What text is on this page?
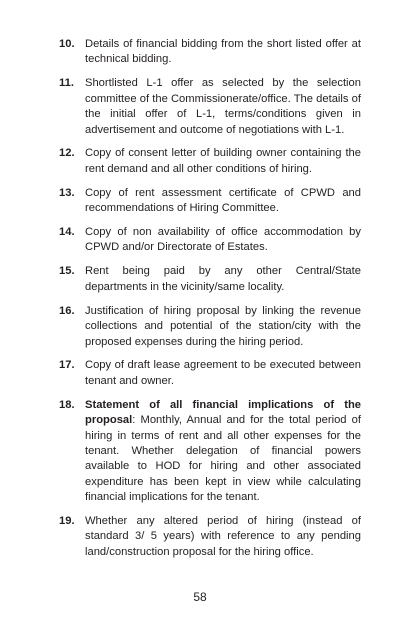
10. Details of financial bidding from the short listed offer at technical bidding.
11. Shortlisted L-1 offer as selected by the selection committee of the Commissionerate/office. The details of the initial offer of L-1, terms/conditions given in advertisement and outcome of negotiations with L-1.
12. Copy of consent letter of building owner containing the rent demand and all other conditions of hiring.
13. Copy of rent assessment certificate of CPWD and recommendations of Hiring Committee.
14. Copy of non availability of office accommodation by CPWD and/or Directorate of Estates.
15. Rent being paid by any other Central/State departments in the vicinity/same locality.
16. Justification of hiring proposal by linking the revenue collections and potential of the station/city with the proposed expenses during the hiring period.
17. Copy of draft lease agreement to be executed between tenant and owner.
18. Statement of all financial implications of the proposal: Monthly, Annual and for the total period of hiring in terms of rent and all other expenses for the tenant. Whether delegation of financial powers available to HOD for hiring and other associated expenditure has been kept in view while calculating financial implications for the tenant.
19. Whether any altered period of hiring (instead of standard 3/ 5 years) with reference to any pending land/construction proposal for the hiring office.
58
